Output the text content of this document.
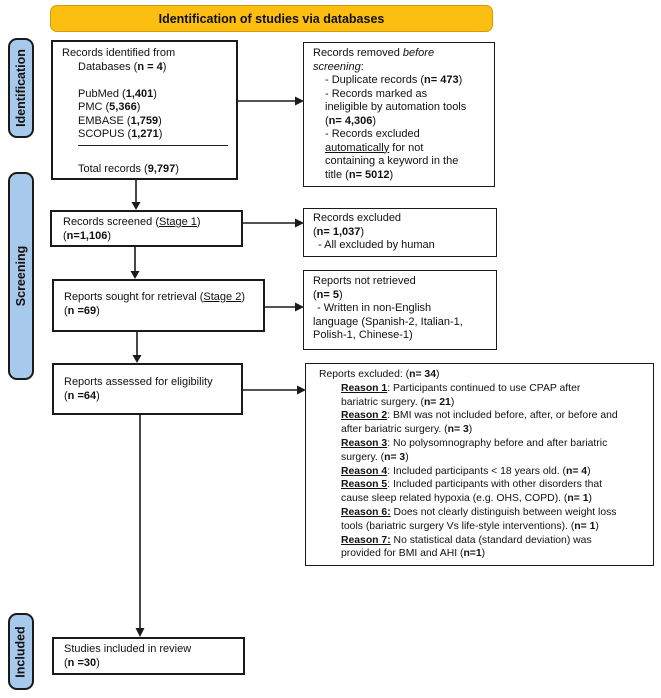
Identification of studies via databases
Identification
Screening
Included
Records identified from
Databases (n = 4)

PubMed (1,401)
PMC (5,366)
EMBASE (1,759)
SCOPUS (1,271)

Total records (9,797)
Records removed before
screening:
- Duplicate records (n= 473)
- Records marked as
ineligible by automation tools
(n= 4,306)
- Records excluded
automatically for not
containing a keyword in the
title (n= 5012)
Records screened (Stage 1)
(n=1,106)
Records excluded
(n= 1,037)
- All excluded by human
Reports sought for retrieval (Stage 2)
(n =69)
Reports not retrieved
(n= 5)
- Written in non-English
language (Spanish-2, Italian-1,
Polish-1, Chinese-1)
Reports assessed for eligibility
(n =64)
Reports excluded: (n= 34)
Reason 1: Participants continued to use CPAP after
bariatric surgery. (n= 21)
Reason 2: BMI was not included before, after, or before and
after bariatric surgery. (n= 3)
Reason 3: No polysomnography before and after bariatric
surgery. (n= 3)
Reason 4: Included participants < 18 years old. (n= 4)
Reason 5: Included participants with other disorders that
cause sleep related hypoxia (e.g. OHS, COPD). (n= 1)
Reason 6: Does not clearly distinguish between weight loss
tools (bariatric surgery Vs life-style interventions). (n= 1)
Reason 7: No statistical data (standard deviation) was
provided for BMI and AHI (n=1)
Studies included in review
(n =30)
